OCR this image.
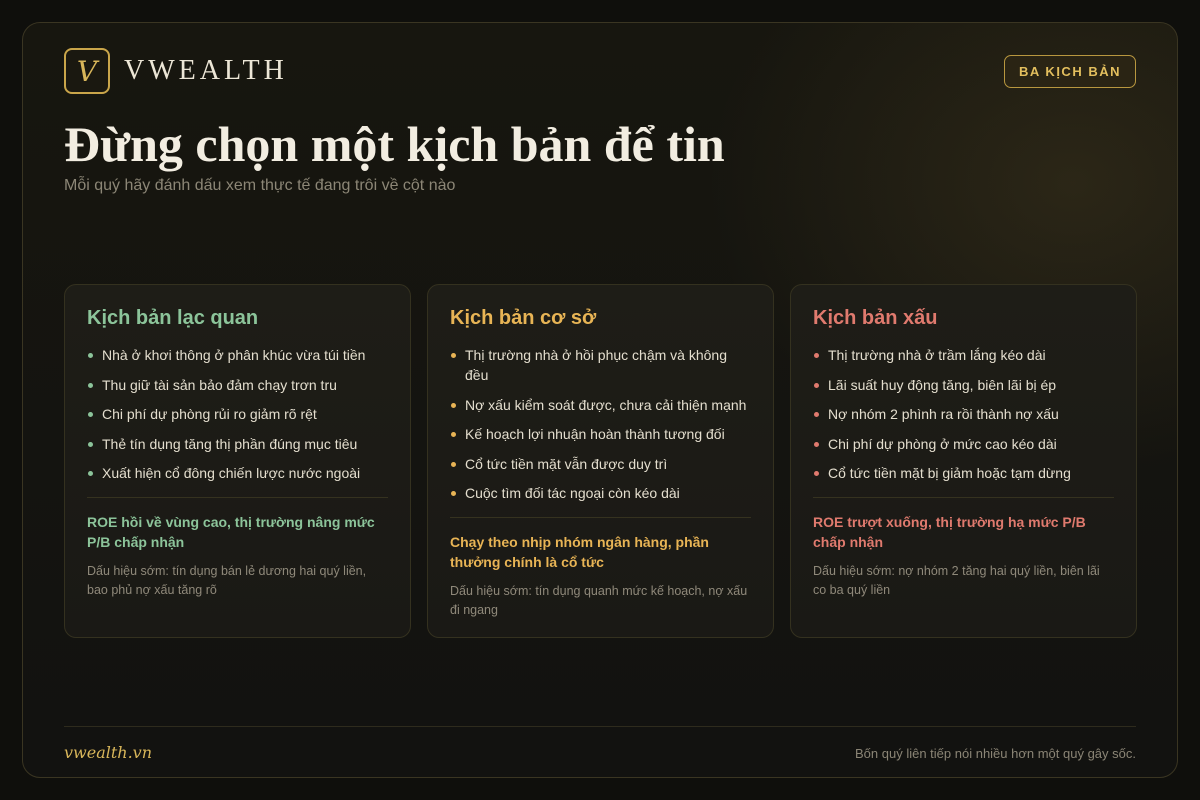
V VWEALTH	BA KỊCH BẢN
Đừng chọn một kịch bản để tin
Mỗi quý hãy đánh dấu xem thực tế đang trôi về cột nào
Kịch bản lạc quan
Nhà ở khơi thông ở phân khúc vừa túi tiền
Thu giữ tài sản bảo đảm chạy trơn tru
Chi phí dự phòng rủi ro giảm rõ rệt
Thẻ tín dụng tăng thị phần đúng mục tiêu
Xuất hiện cổ đông chiến lược nước ngoài
ROE hồi về vùng cao, thị trường nâng mức P/B chấp nhận
Dấu hiệu sớm: tín dụng bán lẻ dương hai quý liền, bao phủ nợ xấu tăng rõ
Kịch bản cơ sở
Thị trường nhà ở hồi phục chậm và không đều
Nợ xấu kiểm soát được, chưa cải thiện mạnh
Kế hoạch lợi nhuận hoàn thành tương đối
Cổ tức tiền mặt vẫn được duy trì
Cuộc tìm đối tác ngoại còn kéo dài
Chạy theo nhịp nhóm ngân hàng, phần thưởng chính là cổ tức
Dấu hiệu sớm: tín dụng quanh mức kế hoạch, nợ xấu đi ngang
Kịch bản xấu
Thị trường nhà ở trầm lắng kéo dài
Lãi suất huy động tăng, biên lãi bị ép
Nợ nhóm 2 phình ra rồi thành nợ xấu
Chi phí dự phòng ở mức cao kéo dài
Cổ tức tiền mặt bị giảm hoặc tạm dừng
ROE trượt xuống, thị trường hạ mức P/B chấp nhận
Dấu hiệu sớm: nợ nhóm 2 tăng hai quý liền, biên lãi co ba quý liền
vwealth.vn	Bốn quý liên tiếp nói nhiều hơn một quý gây sốc.
